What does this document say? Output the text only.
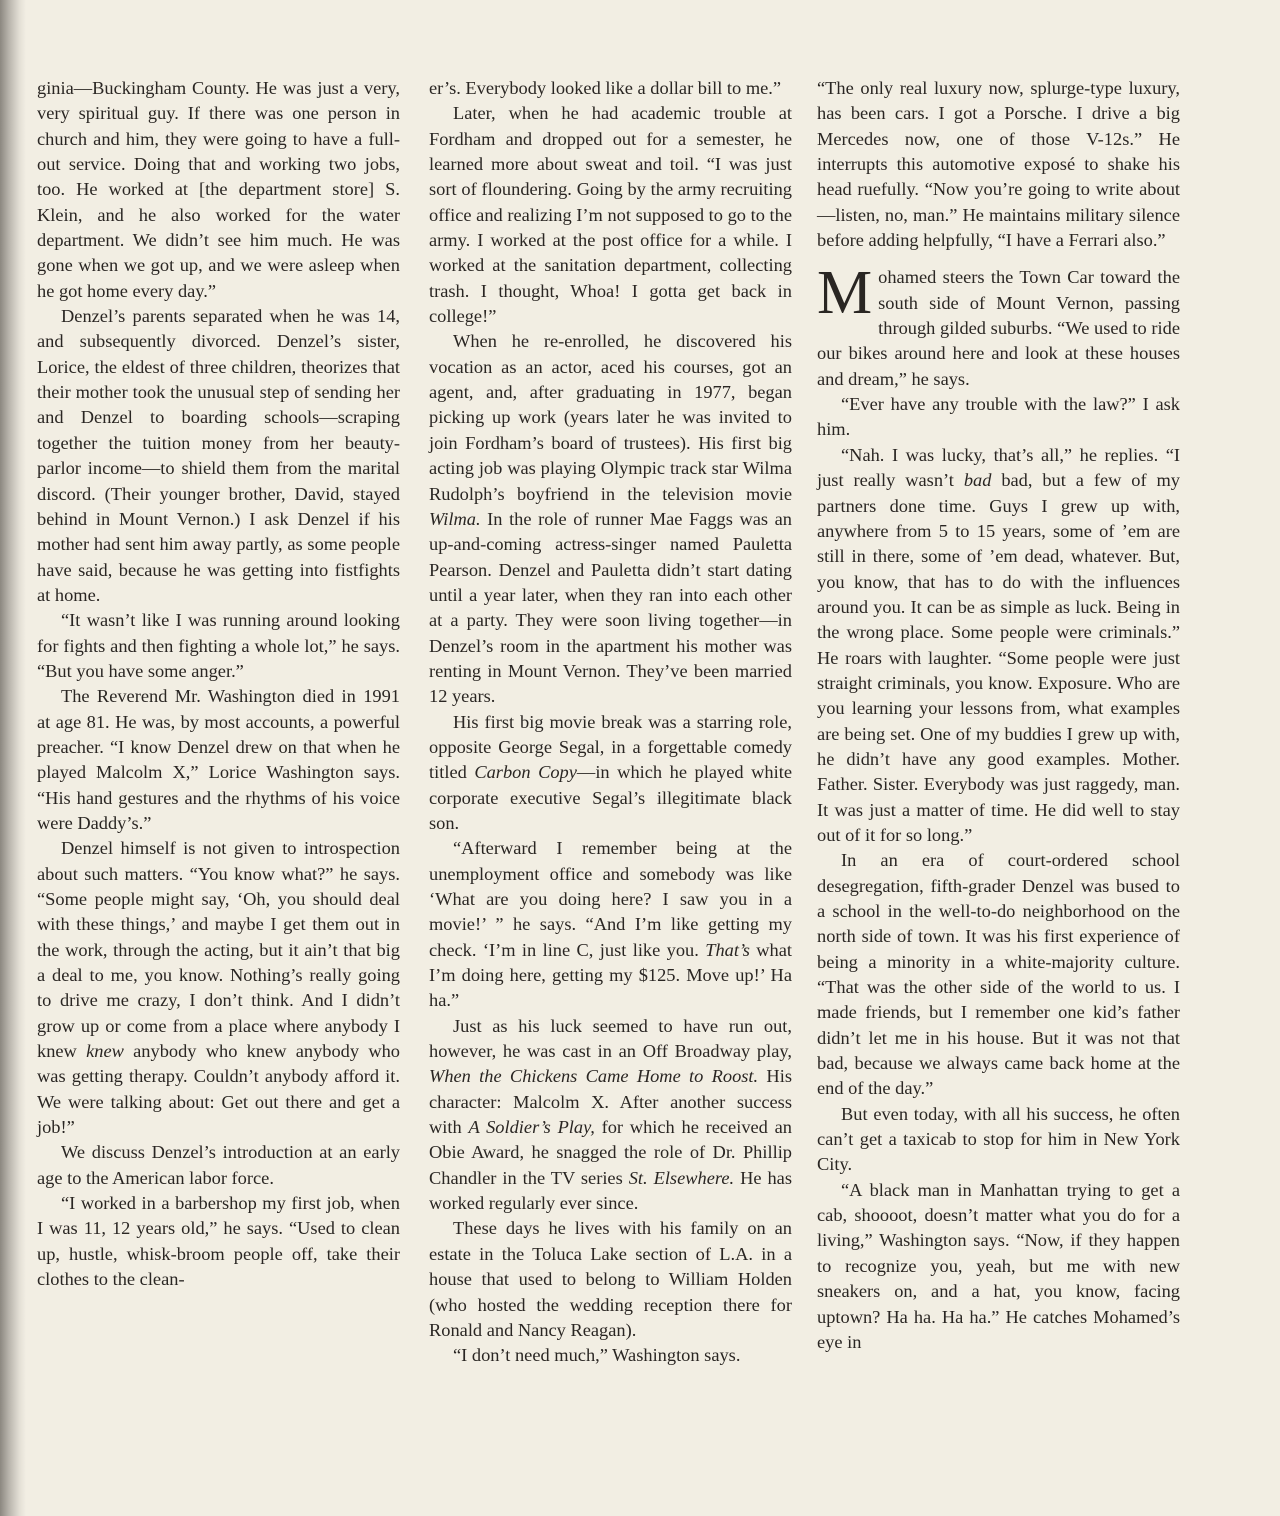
ginia—Buckingham County. He was just a very, very spiritual guy. If there was one person in church and him, they were going to have a full-out service. Doing that and working two jobs, too. He worked at [the department store] S. Klein, and he also worked for the water department. We didn’t see him much. He was gone when we got up, and we were asleep when he got home every day.”

Denzel’s parents separated when he was 14, and subsequently divorced. Denzel’s sister, Lorice, the eldest of three children, theorizes that their mother took the unusual step of sending her and Denzel to boarding schools—scraping together the tuition money from her beauty-parlor income—to shield them from the marital discord. (Their younger brother, David, stayed behind in Mount Vernon.) I ask Denzel if his mother had sent him away partly, as some people have said, because he was getting into fistfights at home.

“It wasn’t like I was running around looking for fights and then fighting a whole lot,” he says. “But you have some anger.”

The Reverend Mr. Washington died in 1991 at age 81. He was, by most accounts, a powerful preacher. “I know Denzel drew on that when he played Malcolm X,” Lorice Washington says. “His hand gestures and the rhythms of his voice were Daddy’s.”

Denzel himself is not given to introspection about such matters. “You know what?” he says. “Some people might say, ‘Oh, you should deal with these things,’ and maybe I get them out in the work, through the acting, but it ain’t that big a deal to me, you know. Nothing’s really going to drive me crazy, I don’t think. And I didn’t grow up or come from a place where anybody I knew knew anybody who knew anybody who was getting therapy. Couldn’t anybody afford it. We were talking about: Get out there and get a job!”

We discuss Denzel’s introduction at an early age to the American labor force.

“I worked in a barbershop my first job, when I was 11, 12 years old,” he says. “Used to clean up, hustle, whisk-broom people off, take their clothes to the clean-

er’s. Everybody looked like a dollar bill to me.”

Later, when he had academic trouble at Fordham and dropped out for a semester, he learned more about sweat and toil. “I was just sort of floundering. Going by the army recruiting office and realizing I’m not supposed to go to the army. I worked at the post office for a while. I worked at the sanitation department, collecting trash. I thought, Whoa! I gotta get back in college!”

When he re-enrolled, he discovered his vocation as an actor, aced his courses, got an agent, and, after graduating in 1977, began picking up work (years later he was invited to join Fordham’s board of trustees). His first big acting job was playing Olympic track star Wilma Rudolph’s boyfriend in the television movie Wilma. In the role of runner Mae Faggs was an up-and-coming actress-singer named Pauletta Pearson. Denzel and Pauletta didn’t start dating until a year later, when they ran into each other at a party. They were soon living together—in Denzel’s room in the apartment his mother was renting in Mount Vernon. They’ve been married 12 years.

His first big movie break was a starring role, opposite George Segal, in a forgettable comedy titled Carbon Copy—in which he played white corporate executive Segal’s illegitimate black son.

“Afterward I remember being at the unemployment office and somebody was like ‘What are you doing here? I saw you in a movie!’ ” he says. “And I’m like getting my check. ‘I’m in line C, just like you. That’s what I’m doing here, getting my $125. Move up!’ Ha ha.”

Just as his luck seemed to have run out, however, he was cast in an Off Broadway play, When the Chickens Came Home to Roost. His character: Malcolm X. After another success with A Soldier’s Play, for which he received an Obie Award, he snagged the role of Dr. Phillip Chandler in the TV series St. Elsewhere. He has worked regularly ever since.

These days he lives with his family on an estate in the Toluca Lake section of L.A. in a house that used to belong to William Holden (who hosted the wedding reception there for Ronald and Nancy Reagan).

“I don’t need much,” Washington says.

“The only real luxury now, splurge-type luxury, has been cars. I got a Porsche. I drive a big Mercedes now, one of those V-12s.” He interrupts this automotive exposé to shake his head ruefully. “Now you’re going to write about—listen, no, man.” He maintains military silence before adding helpfully, “I have a Ferrari also.”

Mohamed steers the Town Car toward the south side of Mount Vernon, passing through gilded suburbs. “We used to ride our bikes around here and look at these houses and dream,” he says.

“Ever have any trouble with the law?” I ask him.

“Nah. I was lucky, that’s all,” he replies. “I just really wasn’t bad bad, but a few of my partners done time. Guys I grew up with, anywhere from 5 to 15 years, some of ’em are still in there, some of ’em dead, whatever. But, you know, that has to do with the influences around you. It can be as simple as luck. Being in the wrong place. Some people were criminals.” He roars with laughter. “Some people were just straight criminals, you know. Exposure. Who are you learning your lessons from, what examples are being set. One of my buddies I grew up with, he didn’t have any good examples. Mother. Father. Sister. Everybody was just raggedy, man. It was just a matter of time. He did well to stay out of it for so long.”

In an era of court-ordered school desegregation, fifth-grader Denzel was bused to a school in the well-to-do neighborhood on the north side of town. It was his first experience of being a minority in a white-majority culture. “That was the other side of the world to us. I made friends, but I remember one kid’s father didn’t let me in his house. But it was not that bad, because we always came back home at the end of the day.”

But even today, with all his success, he often can’t get a taxicab to stop for him in New York City.

“A black man in Manhattan trying to get a cab, shoooot, doesn’t matter what you do for a living,” Washington says. “Now, if they happen to recognize you, yeah, but me with new sneakers on, and a hat, you know, facing uptown? Ha ha. Ha ha.” He catches Mohamed’s eye in
